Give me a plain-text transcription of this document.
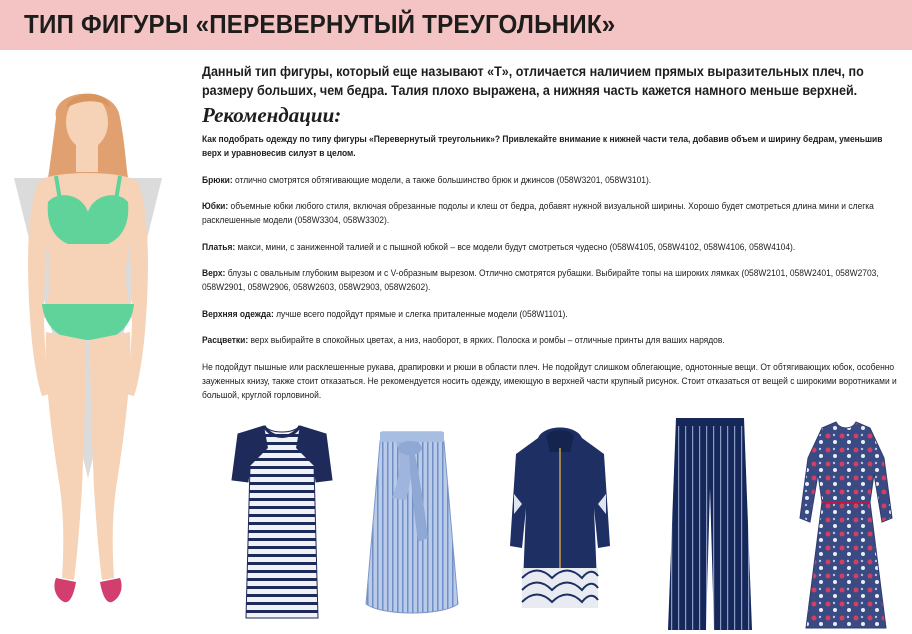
ТИП ФИГУРЫ «ПЕРЕВЕРНУТЫЙ ТРЕУГОЛЬНИК»

Данный тип фигуры, который еще называют «Т», отличается наличием прямых выразительных плеч, по размеру больших, чем бедра. Талия плохо выражена, а нижняя часть кажется намного меньше верхней.

Рекомендации:

Как подобрать одежду по типу фигуры «Перевернутый треугольник»? Привлекайте внимание к нижней части тела, добавив объем и ширину бедрам, уменьшив верх и уравновесив силуэт в целом.

Брюки: отлично смотрятся обтягивающие модели, а также большинство брюк и джинсов (058W3201, 058W3101).

Юбки: объемные юбки любого стиля, включая обрезанные подолы и клеш от бедра, добавят нужной визуальной ширины. Хорошо будет смотреться длина мини и слегка расклешенные модели (058W3304, 058W3302).

Платья: макси, мини, с заниженной талией и с пышной юбкой – все модели будут смотреться чудесно (058W4105, 058W4102, 058W4106, 058W4104).

Верх: блузы с овальным глубоким вырезом и с V-образным вырезом. Отлично смотрятся рубашки. Выбирайте топы на широких лямках (058W2101, 058W2401, 058W2703, 058W2901, 058W2906, 058W2603, 058W2903, 058W2602).

Верхняя одежда: лучше всего подойдут прямые и слегка приталенные модели (058W1101).

Расцветки: верх выбирайте в спокойных цветах, а низ, наоборот, в ярких. Полоска и ромбы – отличные принты для ваших нарядов.

Не подойдут пышные или расклешенные рукава, драпировки и рюши в области плеч. Не подойдут слишком облегающие, однотонные вещи. От обтягивающих юбок, особенно зауженных книзу, также стоит отказаться. Не рекомендуется носить одежду, имеющую в верхней части крупный рисунок. Стоит отказаться от вещей с широкими воротниками и большой, круглой горловиной.
